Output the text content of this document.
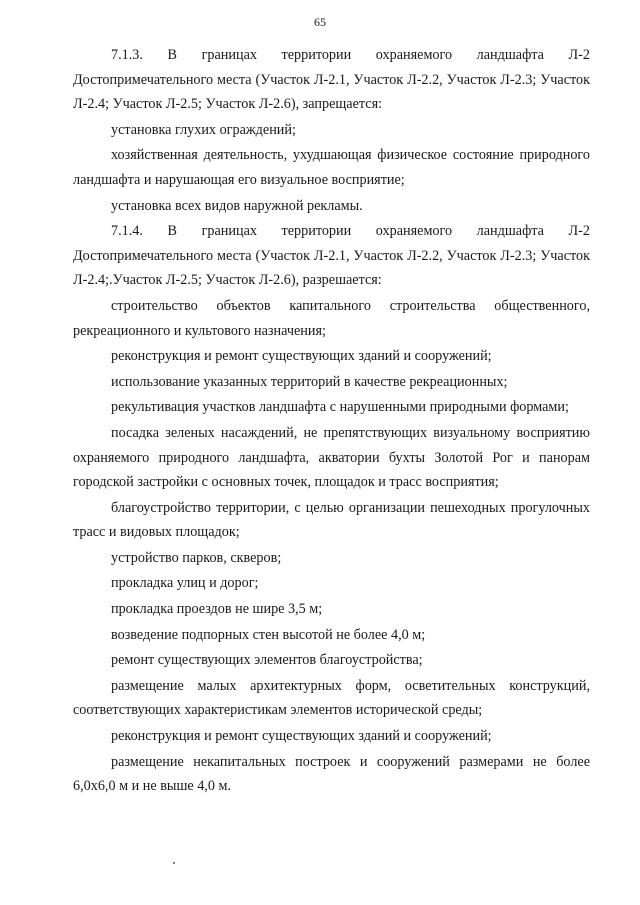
65

7.1.3. В границах территории охраняемого ландшафта Л-2 Достопримечательного места (Участок Л-2.1, Участок Л-2.2, Участок Л-2.3; Участок Л-2.4; Участок Л-2.5; Участок Л-2.6), запрещается:

установка глухих ограждений;

хозяйственная деятельность, ухудшающая физическое состояние природного ландшафта и нарушающая его визуальное восприятие;

установка всех видов наружной рекламы.

7.1.4. В границах территории охраняемого ландшафта Л-2 Достопримечательного места (Участок Л-2.1, Участок Л-2.2, Участок Л-2.3; Участок Л-2.4;.Участок Л-2.5; Участок Л-2.6), разрешается:

строительство объектов капитального строительства общественного, рекреационного и культового назначения;

реконструкция и ремонт существующих зданий и сооружений;

использование указанных территорий в качестве рекреационных;

рекультивация участков ландшафта с нарушенными природными формами;

посадка зеленых насаждений, не препятствующих визуальному восприятию охраняемого природного ландшафта, акватории бухты Золотой Рог и панорам городской застройки с основных точек, площадок и трасс восприятия;

благоустройство территории, с целью организации пешеходных прогулочных трасс и видовых площадок;

устройство парков, скверов;

прокладка улиц и дорог;

прокладка проездов не шире 3,5 м;

возведение подпорных стен высотой не более 4,0 м;

ремонт существующих элементов благоустройства;

размещение малых архитектурных форм, осветительных конструкций, соответствующих характеристикам элементов исторической среды;

реконструкция и ремонт существующих зданий и сооружений;

размещение некапитальных построек и сооружений размерами не более 6,0х6,0 м и не выше 4,0 м.
